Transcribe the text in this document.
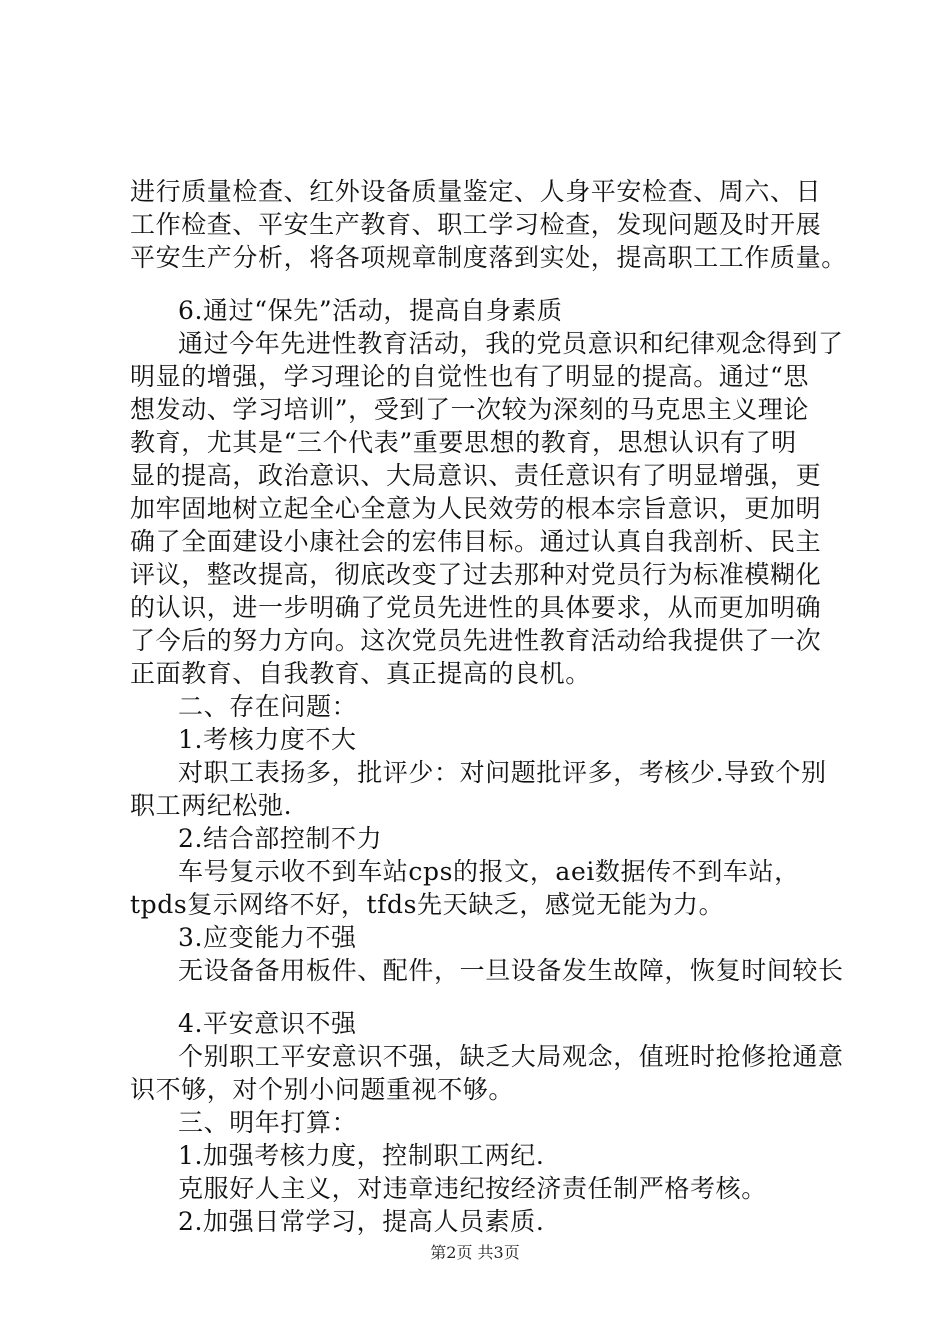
进行质量检查、红外设备质量鉴定、人身平安检查、周六、日
工作检查、平安生产教育、职工学习检查，发现问题及时开展
平安生产分析，将各项规章制度落到实处，提高职工工作质量。
6.通过“保先”活动，提高自身素质
通过今年先进性教育活动，我的党员意识和纪律观念得到了
明显的增强，学习理论的自觉性也有了明显的提高。通过“思
想发动、学习培训”，受到了一次较为深刻的马克思主义理论
教育，尤其是“三个代表”重要思想的教育，思想认识有了明
显的提高，政治意识、大局意识、责任意识有了明显增强，更
加牢固地树立起全心全意为人民效劳的根本宗旨意识，更加明
确了全面建设小康社会的宏伟目标。通过认真自我剖析、民主
评议，整改提高，彻底改变了过去那种对党员行为标准模糊化
的认识，进一步明确了党员先进性的具体要求，从而更加明确
了今后的努力方向。这次党员先进性教育活动给我提供了一次
正面教育、自我教育、真正提高的良机。
二、存在问题：
1.考核力度不大
对职工表扬多，批评少：对问题批评多，考核少.导致个别
职工两纪松弛.
2.结合部控制不力
车号复示收不到车站cps的报文，aei数据传不到车站，
tpds复示网络不好，tfds先天缺乏，感觉无能为力。
3.应变能力不强
无设备备用板件、配件，一旦设备发生故障，恢复时间较长
4.平安意识不强
个别职工平安意识不强，缺乏大局观念，值班时抢修抢通意
识不够，对个别小问题重视不够。
三、明年打算：
1.加强考核力度，控制职工两纪.
克服好人主义，对违章违纪按经济责任制严格考核。
2.加强日常学习，提高人员素质.
第2页 共3页
